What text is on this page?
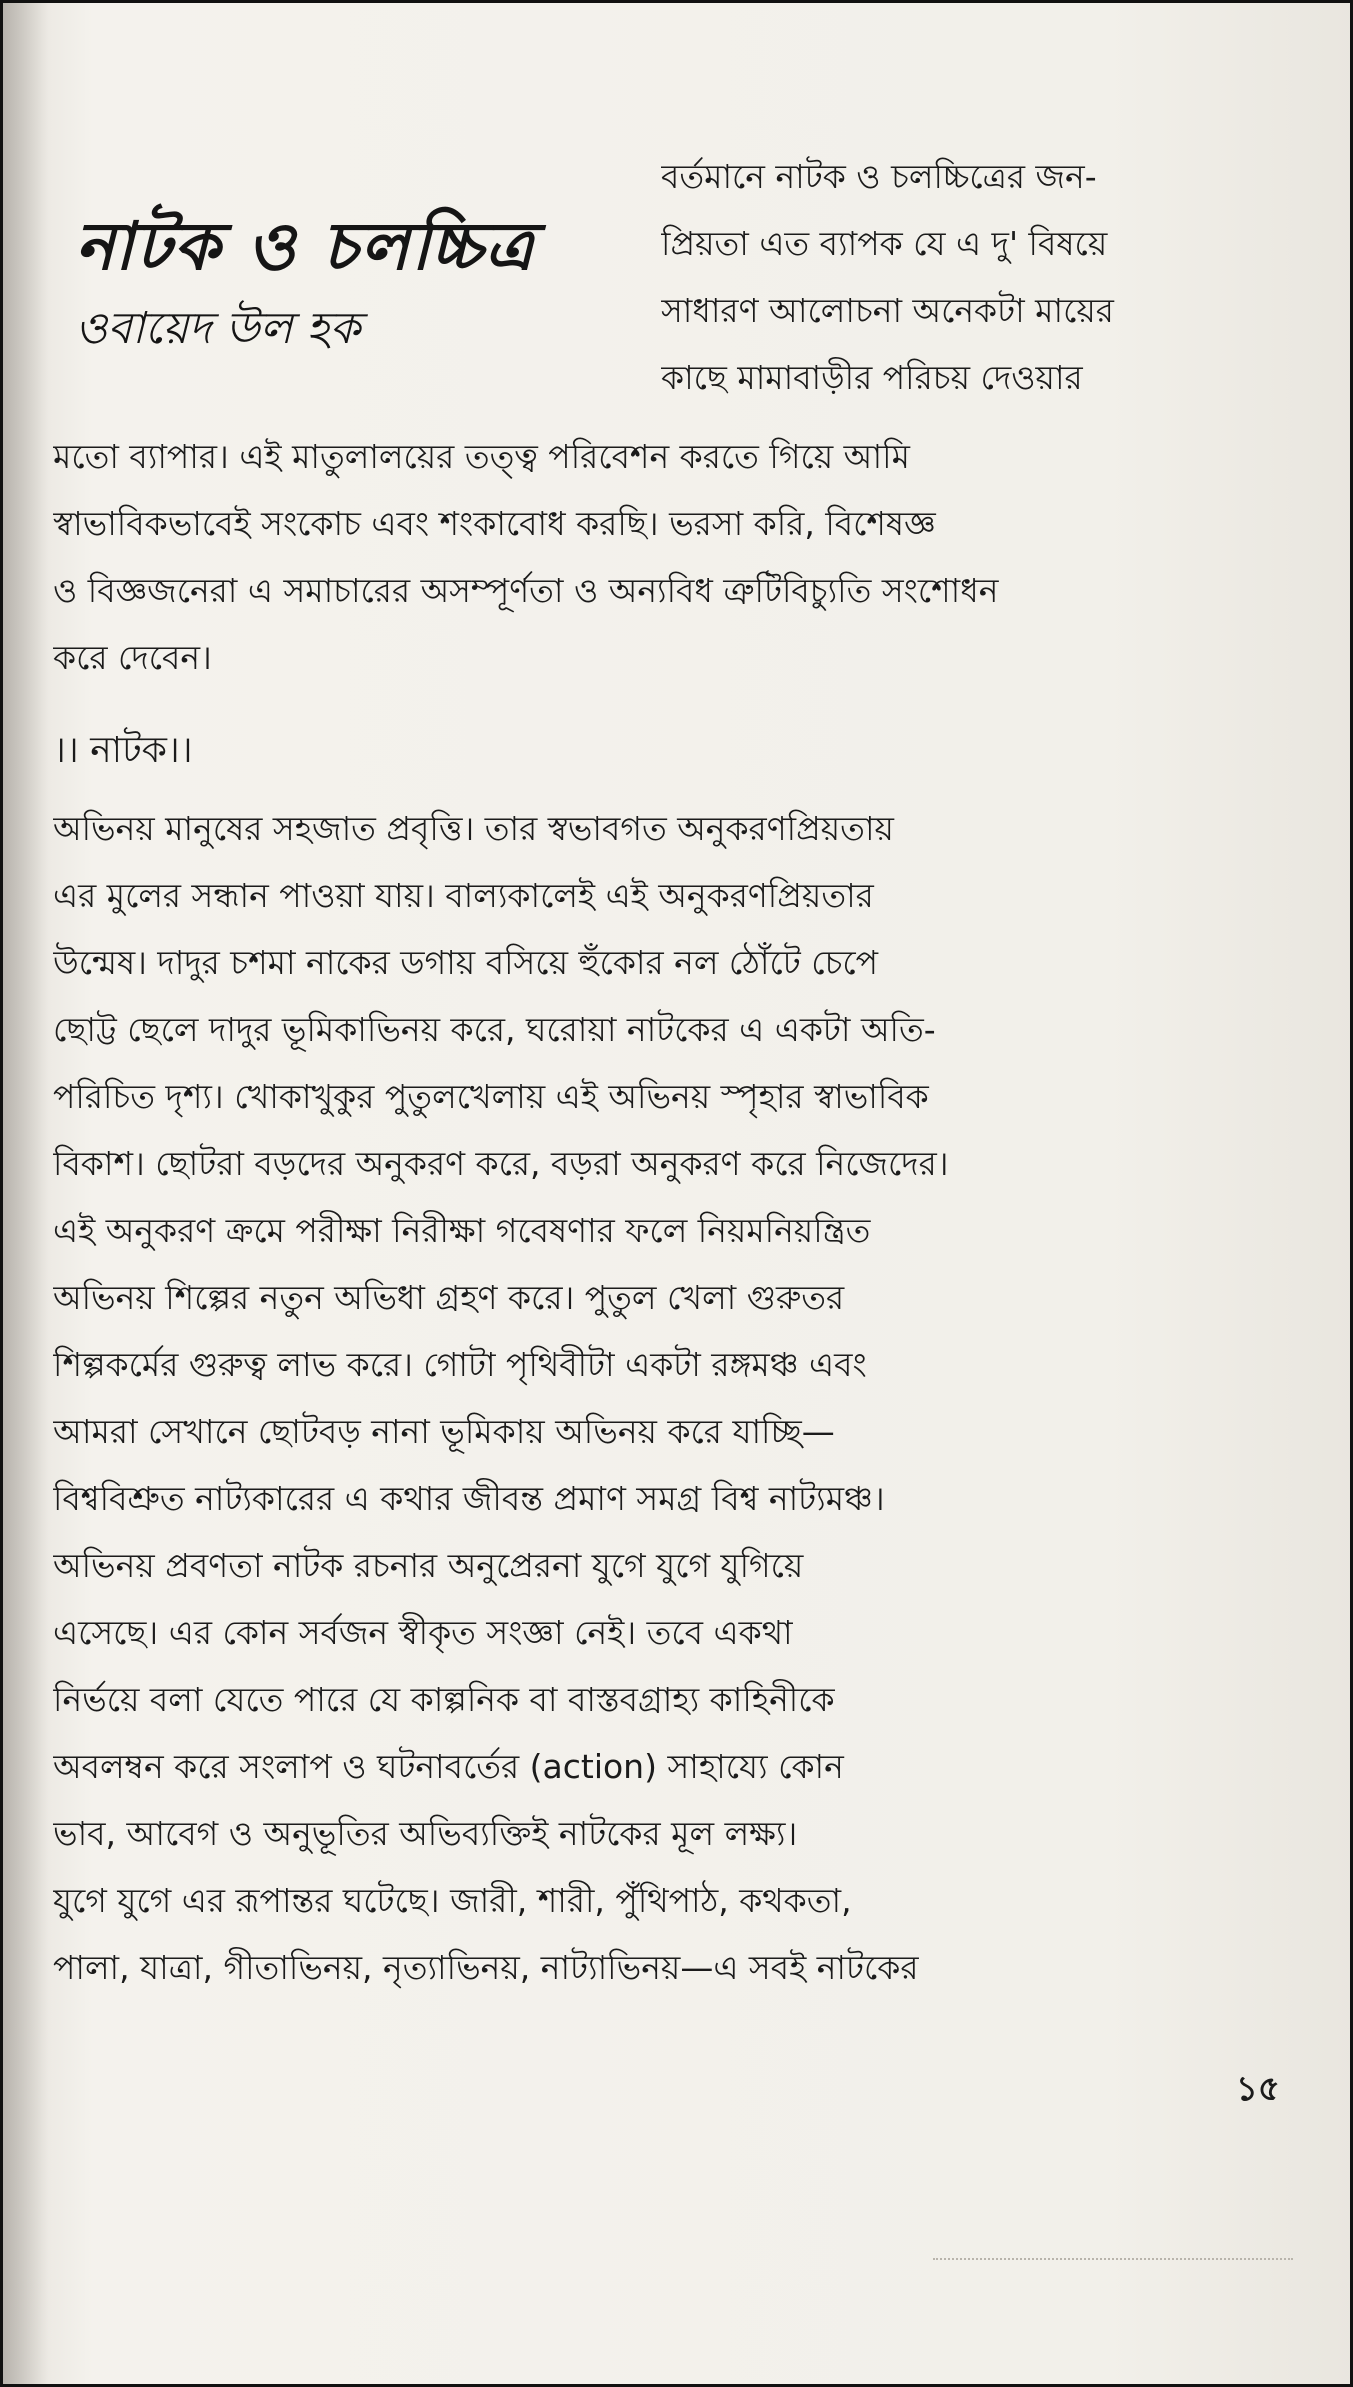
নাটক ও চলচ্চিত্র
ওবায়েদ উল হক
বর্তমানে নাটক ও চলচ্চিত্রের জন-
প্রিয়তা এত ব্যাপক যে এ দু' বিষয়ে
সাধারণ আলোচনা অনেকটা মায়ের
কাছে মামাবাড়ীর পরিচয় দেওয়ার
মতো ব্যাপার। এই মাতুলালয়ের তত্ত্ব পরিবেশন করতে গিয়ে আমি
স্বাভাবিকভাবেই সংকোচ এবং শংকাবোধ করছি। ভরসা করি, বিশেষজ্ঞ
ও বিজ্ঞজনেরা এ সমাচারের অসম্পূর্ণতা ও অন্যবিধ ত্রুটিবিচ্যুতি সংশোধন
করে দেবেন।
।। নাটক।।
অভিনয় মানুষের সহজাত প্রবৃত্তি। তার স্বভাবগত অনুকরণপ্রিয়তায়
এর মুলের সন্ধান পাওয়া যায়। বাল্যকালেই এই অনুকরণপ্রিয়তার
উন্মেষ। দাদুর চশমা নাকের ডগায় বসিয়ে হুঁকোর নল ঠোঁটে চেপে
ছোট্ট ছেলে দাদুর ভূমিকাভিনয় করে, ঘরোয়া নাটকের এ একটা অতি-
পরিচিত দৃশ্য। খোকাখুকুর পুতুলখেলায় এই অভিনয় স্পৃহার স্বাভাবিক
বিকাশ। ছোটরা বড়দের অনুকরণ করে, বড়রা অনুকরণ করে নিজেদের।
এই অনুকরণ ক্রমে পরীক্ষা নিরীক্ষা গবেষণার ফলে নিয়মনিয়ন্ত্রিত
অভিনয় শিল্পের নতুন অভিধা গ্রহণ করে। পুতুল খেলা গুরুতর
শিল্পকর্মের গুরুত্ব লাভ করে। গোটা পৃথিবীটা একটা রঙ্গমঞ্চ এবং
আমরা সেখানে ছোটবড় নানা ভূমিকায় অভিনয় করে যাচ্ছি—
বিশ্ববিশ্রুত নাট্যকারের এ কথার জীবন্ত প্রমাণ সমগ্র বিশ্ব নাট্যমঞ্চ।
অভিনয় প্রবণতা নাটক রচনার অনুপ্রেরনা যুগে যুগে যুগিয়ে
এসেছে। এর কোন সর্বজন স্বীকৃত সংজ্ঞা নেই। তবে একথা
নির্ভয়ে বলা যেতে পারে যে কাল্পনিক বা বাস্তবগ্রাহ্য কাহিনীকে
অবলম্বন করে সংলাপ ও ঘটনাবর্তের (action) সাহায্যে কোন
ভাব, আবেগ ও অনুভূতির অভিব্যক্তিই নাটকের মূল লক্ষ্য।
যুগে যুগে এর রূপান্তর ঘটেছে। জারী, শারী, পুঁথিপাঠ, কথকতা,
পালা, যাত্রা, গীতাভিনয়, নৃত্যাভিনয়, নাট্যাভিনয়—এ সবই নাটকের
১৫
